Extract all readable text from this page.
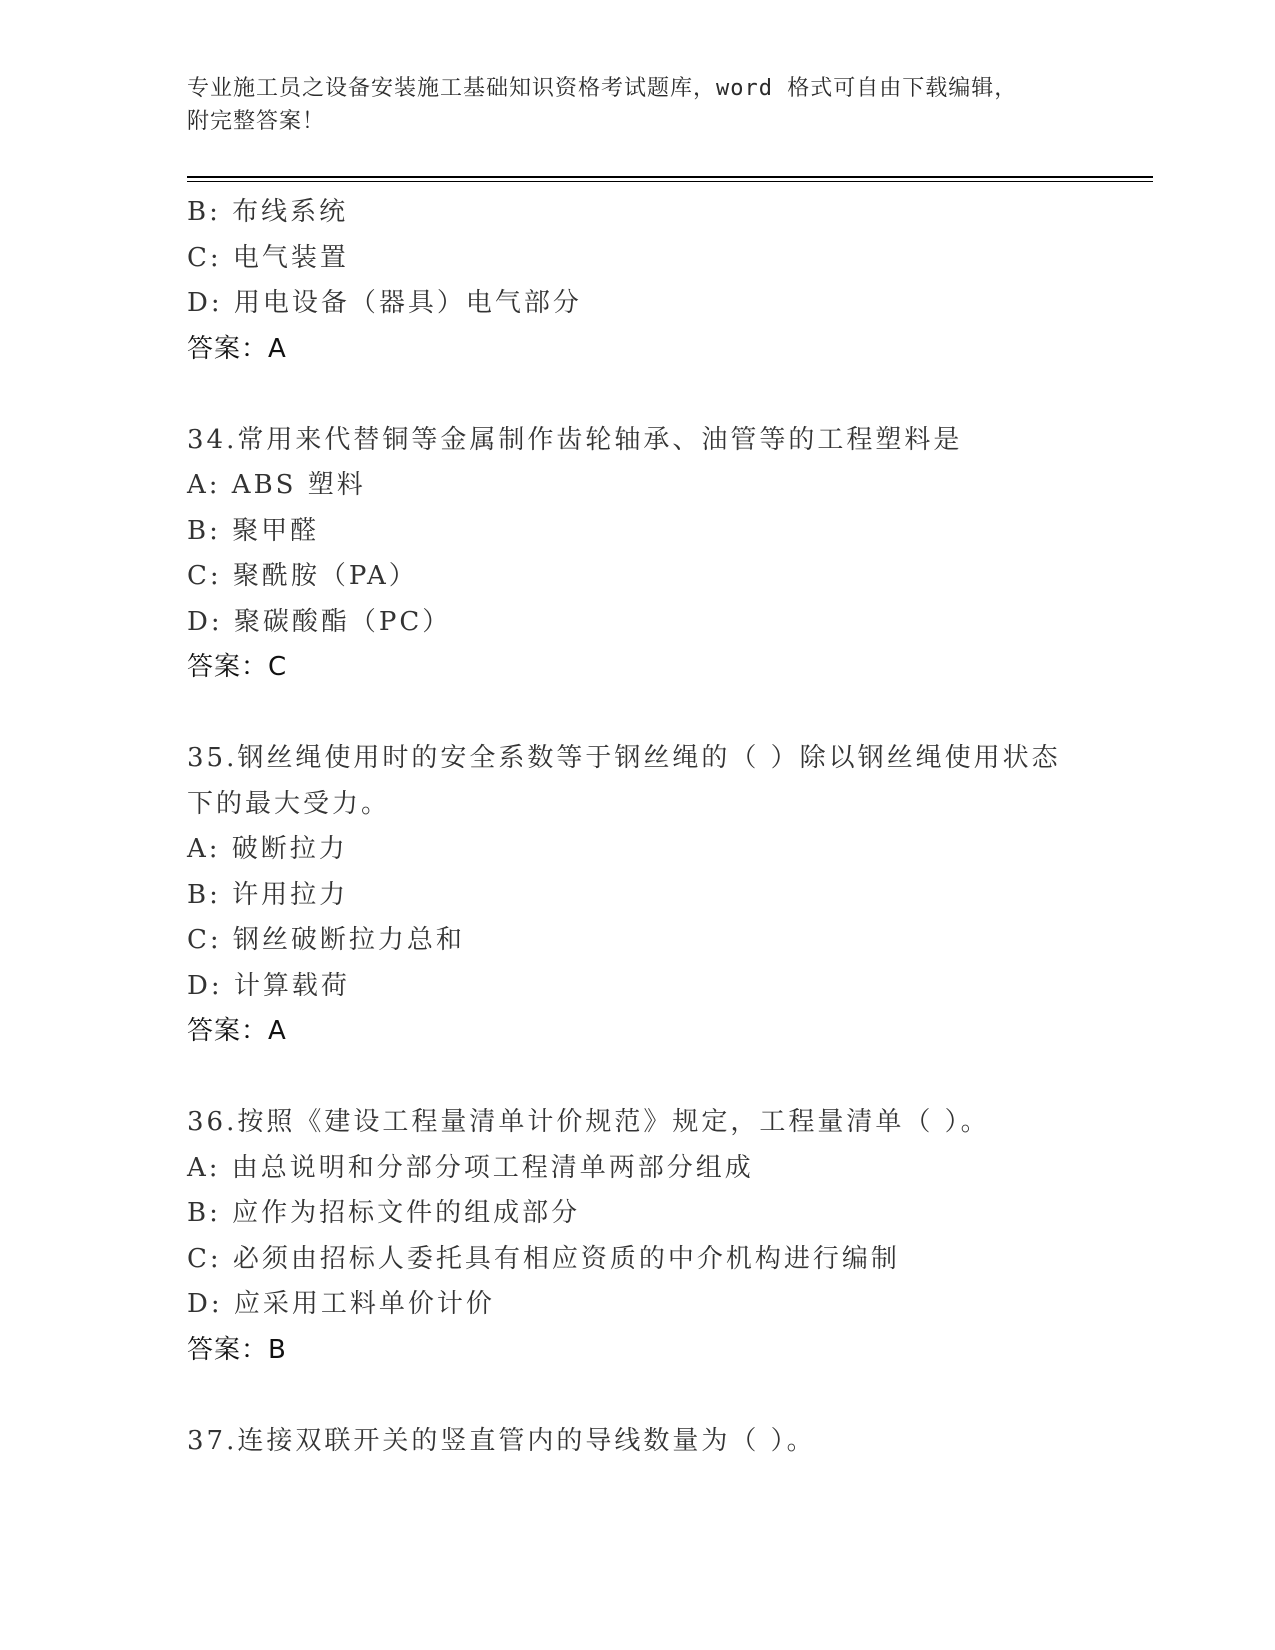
专业施工员之设备安装施工基础知识资格考试题库，word 格式可自由下载编辑，
附完整答案！
B: 布线系统
C: 电气装置
D: 用电设备（器具）电气部分
答案：A
34.常用来代替铜等金属制作齿轮轴承、油管等的工程塑料是
A: ABS 塑料
B: 聚甲醛
C: 聚酰胺（PA）
D: 聚碳酸酯（PC）
答案：C
35.钢丝绳使用时的安全系数等于钢丝绳的（ ）除以钢丝绳使用状态
下的最大受力。
A: 破断拉力
B: 许用拉力
C: 钢丝破断拉力总和
D: 计算载荷
答案：A
36.按照《建设工程量清单计价规范》规定，工程量清单（ ）。
A: 由总说明和分部分项工程清单两部分组成
B: 应作为招标文件的组成部分
C: 必须由招标人委托具有相应资质的中介机构进行编制
D: 应采用工料单价计价
答案：B
37.连接双联开关的竖直管内的导线数量为（ ）。
